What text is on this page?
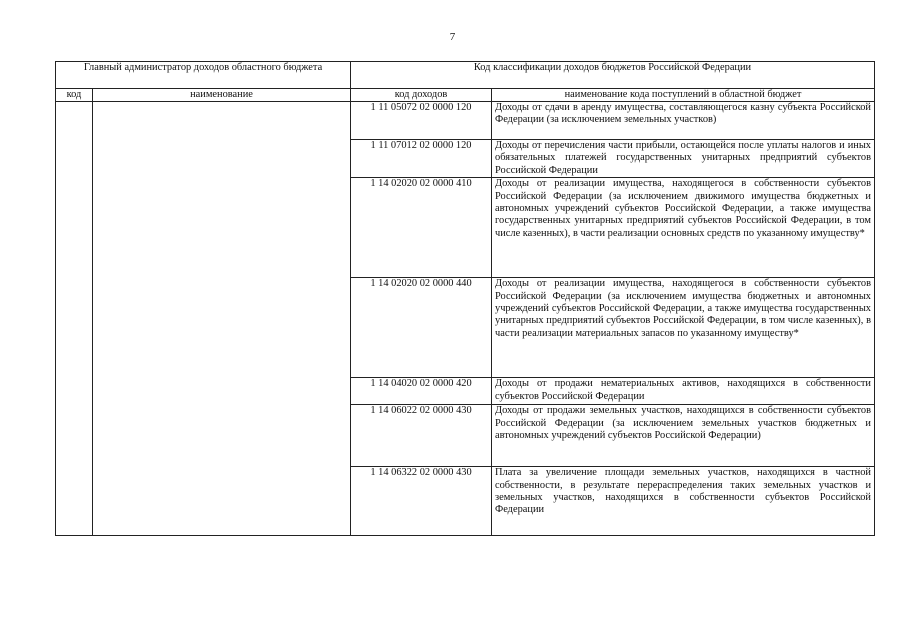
7
Главный администратор доходов областного бюджета		Код классификации доходов бюджетов Российской Федерации	
код	наименование	код доходов	наименование кода поступлений в областной бюджет
		1 11 05072 02 0000 120	Доходы от сдачи в аренду имущества, составляющегося казну субъекта Российской Федерации (за исключением земельных участков)
		1 11 07012 02 0000 120	Доходы от перечисления части прибыли, остающейся после уплаты налогов и иных обязательных платежей государственных унитарных предприятий субъектов Российской Федерации
		1 14 02020 02 0000 410	Доходы от реализации имущества, находящегося в собственности субъектов Российской Федерации (за исключением движимого имущества бюджетных и автономных учреждений субъектов Российской Федерации, а также имущества государственных унитарных предприятий субъектов Российской Федерации, в том числе казенных), в части реализации основных средств по указанному имуществу*
		1 14 02020 02 0000 440	Доходы от реализации имущества, находящегося в собственности субъектов Российской Федерации (за исключением имущества бюджетных и автономных учреждений субъектов Российской Федерации, а также имущества государственных унитарных предприятий субъектов Российской Федерации, в том числе казенных), в части реализации материальных запасов по указанному имуществу*
		1 14 04020 02 0000 420	Доходы от продажи нематериальных активов, находящихся в собственности субъектов Российской Федерации
		1 14 06022 02 0000 430	Доходы от продажи земельных участков, находящихся в собственности субъектов Российской Федерации (за исключением земельных участков бюджетных и автономных учреждений субъектов Российской Федерации)
		1 14 06322 02 0000 430	Плата за увеличение площади земельных участков, находящихся в частной собственности, в результате перераспределения таких земельных участков и земельных участков, находящихся в собственности субъектов Российской Федерации
